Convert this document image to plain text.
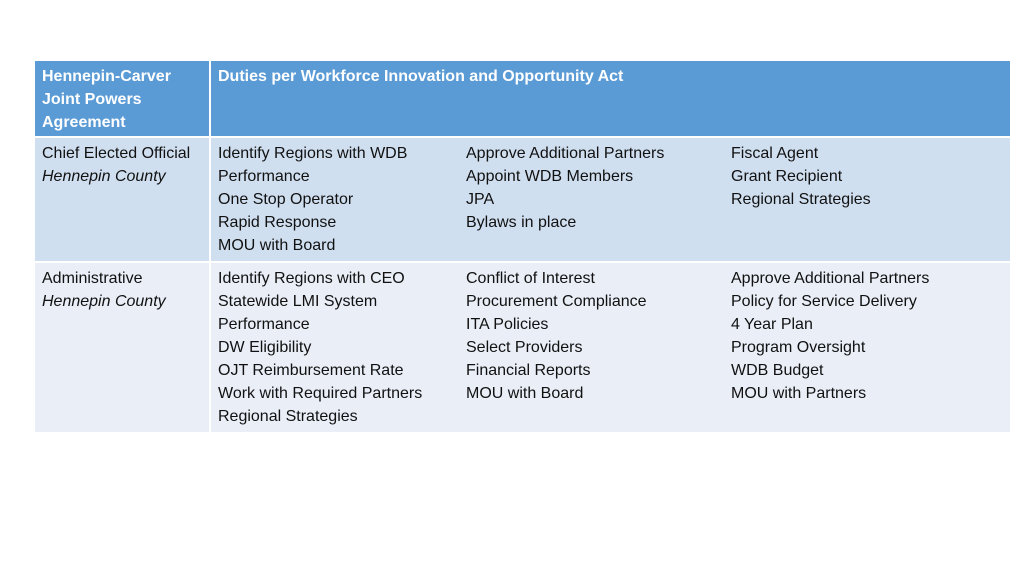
Hennepin-Carver
Joint Powers
Agreement
Duties per Workforce Innovation and Opportunity Act
Chief Elected Official
Hennepin County
Identify Regions with WDB
Performance
One Stop Operator
Rapid Response
MOU with Board
Approve Additional Partners
Appoint WDB Members
JPA
Bylaws in place
Fiscal Agent
Grant Recipient
Regional Strategies
Administrative
Hennepin County
Identify Regions with CEO
Statewide LMI System
Performance
DW Eligibility
OJT Reimbursement Rate
Work with Required Partners
Regional Strategies
Conflict of Interest
Procurement Compliance
ITA Policies
Select Providers
Financial Reports
MOU with Board
Approve Additional Partners
Policy for Service Delivery
4 Year Plan
Program Oversight
WDB Budget
MOU with Partners
